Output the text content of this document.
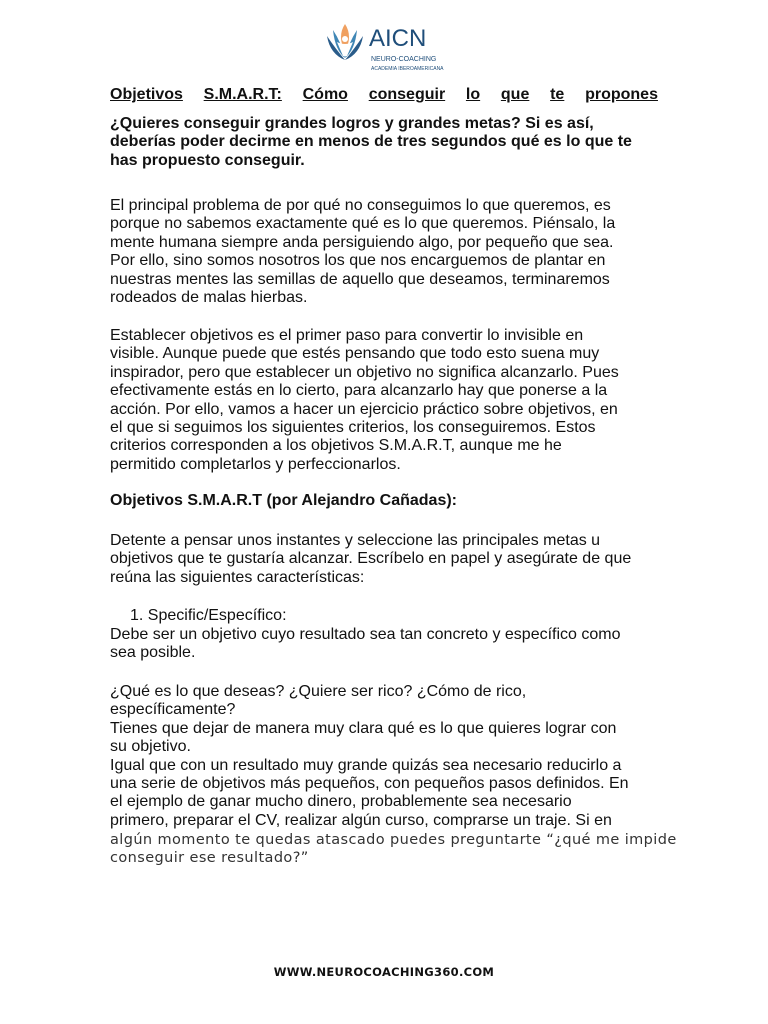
AICN
NEURO-COACHING
ACADEMIA IBEROAMERICANA
Objetivos S.M.A.R.T: Cómo conseguir lo que te propones
¿Quieres conseguir grandes logros y grandes metas? Si es así,
deberías poder decirme en menos de tres segundos qué es lo que te
has propuesto conseguir.
El principal problema de por qué no conseguimos lo que queremos, es
porque no sabemos exactamente qué es lo que queremos. Piénsalo, la
mente humana siempre anda persiguiendo algo, por pequeño que sea.
Por ello, sino somos nosotros los que nos encarguemos de plantar en
nuestras mentes las semillas de aquello que deseamos, terminaremos
rodeados de malas hierbas.
Establecer objetivos es el primer paso para convertir lo invisible en
visible. Aunque puede que estés pensando que todo esto suena muy
inspirador, pero que establecer un objetivo no significa alcanzarlo. Pues
efectivamente estás en lo cierto, para alcanzarlo hay que ponerse a la
acción. Por ello, vamos a hacer un ejercicio práctico sobre objetivos, en
el que si seguimos los siguientes criterios, los conseguiremos. Estos
criterios corresponden a los objetivos S.M.A.R.T, aunque me he
permitido completarlos y perfeccionarlos.
Objetivos S.M.A.R.T (por Alejandro Cañadas):
Detente a pensar unos instantes y seleccione las principales metas u
objetivos que te gustaría alcanzar. Escríbelo en papel y asegúrate de que
reúna las siguientes características:
1. Specific/Específico:
Debe ser un objetivo cuyo resultado sea tan concreto y específico como
sea posible.
¿Qué es lo que deseas? ¿Quiere ser rico? ¿Cómo de rico,
específicamente?
Tienes que dejar de manera muy clara qué es lo que quieres lograr con
su objetivo.
Igual que con un resultado muy grande quizás sea necesario reducirlo a
una serie de objetivos más pequeños, con pequeños pasos definidos. En
el ejemplo de ganar mucho dinero, probablemente sea necesario
primero, preparar el CV, realizar algún curso, comprarse un traje. Si en
algún momento te quedas atascado puedes preguntarte “¿qué me impide
conseguir ese resultado?”
WWW.NEUROCOACHING360.COM
